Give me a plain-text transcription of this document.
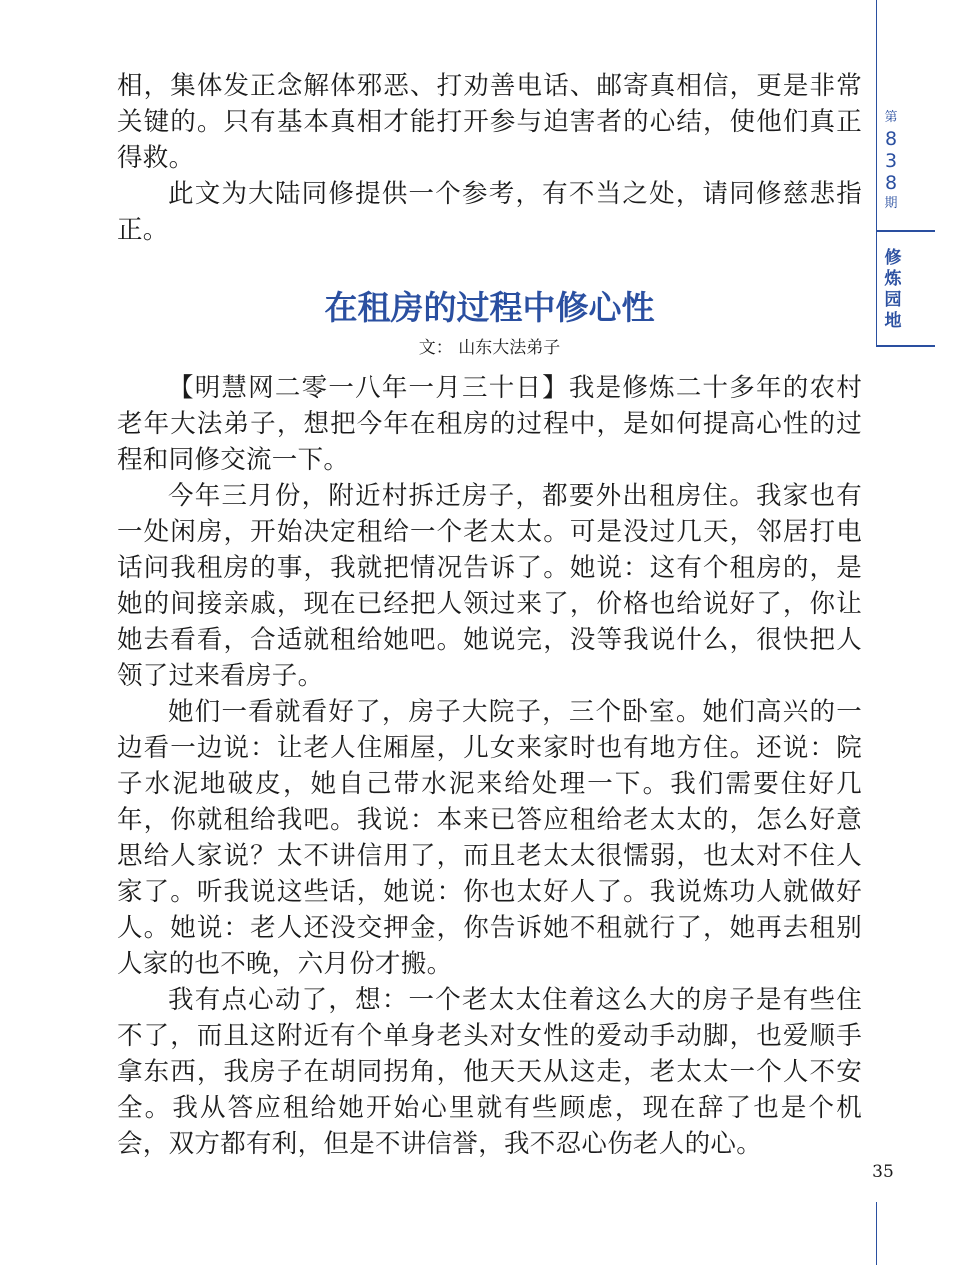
相，集体发正念解体邪恶、打劝善电话、邮寄真相信，更是非常关键的。只有基本真相才能打开参与迫害者的心结，使他们真正得救。

此文为大陆同修提供一个参考，有不当之处，请同修慈悲指正。

在租房的过程中修心性
文： 山东大法弟子

【明慧网二零一八年一月三十日】我是修炼二十多年的农村老年大法弟子，想把今年在租房的过程中，是如何提高心性的过程和同修交流一下。

今年三月份，附近村拆迁房子，都要外出租房住。我家也有一处闲房，开始决定租给一个老太太。可是没过几天，邻居打电话问我租房的事，我就把情况告诉了。她说：这有个租房的，是她的间接亲戚，现在已经把人领过来了，价格也给说好了，你让她去看看，合适就租给她吧。她说完，没等我说什么，很快把人领了过来看房子。

她们一看就看好了，房子大院子，三个卧室。她们高兴的一边看一边说：让老人住厢屋，儿女来家时也有地方住。还说：院子水泥地破皮，她自己带水泥来给处理一下。我们需要住好几年，你就租给我吧。我说：本来已答应租给老太太的，怎么好意思给人家说？太不讲信用了，而且老太太很懦弱，也太对不住人家了。听我说这些话，她说：你也太好人了。我说炼功人就做好人。她说：老人还没交押金，你告诉她不租就行了，她再去租别人家的也不晚，六月份才搬。

我有点心动了，想：一个老太太住着这么大的房子是有些住不了，而且这附近有个单身老头对女性的爱动手动脚，也爱顺手拿东西，我房子在胡同拐角，他天天从这走，老太太一个人不安全。我从答应租给她开始心里就有些顾虑，现在辞了也是个机会，双方都有利，但是不讲信誉，我不忍心伤老人的心。

第
8
3
8
期
修
炼
园
地
35
